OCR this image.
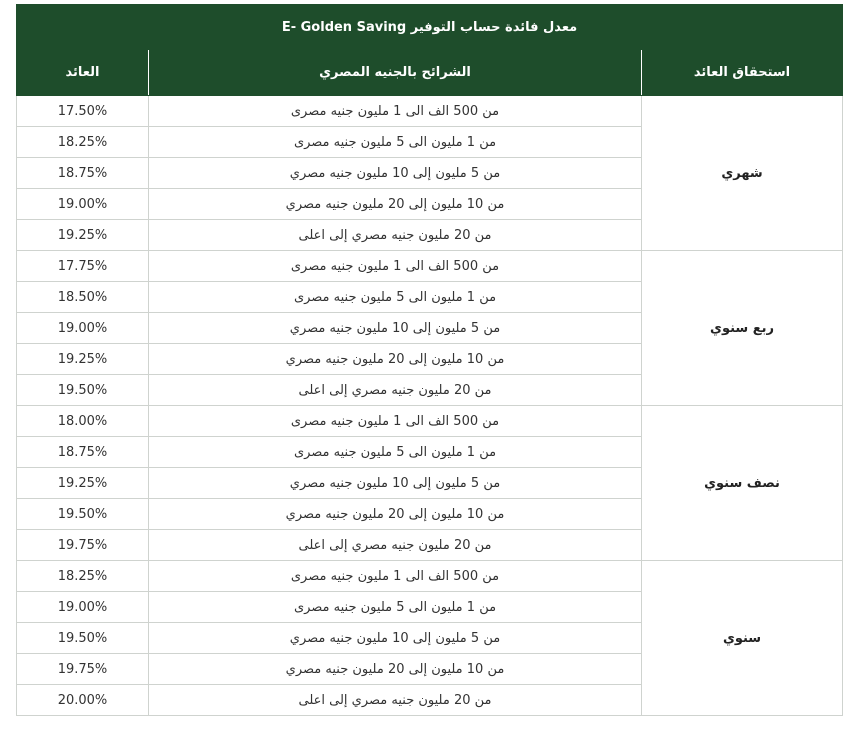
معدل فائدة حساب التوفير E- Golden Saving		
العائد	الشرائح بالجنيه المصري	استحقاق العائد
17.50%	من 500 الف الى 1 مليون جنيه مصرى	شهري
18.25%	من 1 مليون الى 5 مليون جنيه مصرى	
18.75%	من 5 مليون إلى 10 مليون جنيه مصري	
19.00%	من 10 مليون إلى 20 مليون جنيه مصري	
19.25%	من 20 مليون جنيه مصري إلى اعلى	
17.75%	من 500 الف الى 1 مليون جنيه مصرى	ربع سنوي
18.50%	من 1 مليون الى 5 مليون جنيه مصرى	
19.00%	من 5 مليون إلى 10 مليون جنيه مصري	
19.25%	من 10 مليون إلى 20 مليون جنيه مصري	
19.50%	من 20 مليون جنيه مصري إلى اعلى	
18.00%	من 500 الف الى 1 مليون جنيه مصرى	نصف سنوي
18.75%	من 1 مليون الى 5 مليون جنيه مصرى	
19.25%	من 5 مليون إلى 10 مليون جنيه مصري	
19.50%	من 10 مليون إلى 20 مليون جنيه مصري	
19.75%	من 20 مليون جنيه مصري إلى اعلى	
18.25%	من 500 الف الى 1 مليون جنيه مصرى	سنوي
19.00%	من 1 مليون الى 5 مليون جنيه مصرى	
19.50%	من 5 مليون إلى 10 مليون جنيه مصري	
19.75%	من 10 مليون إلى 20 مليون جنيه مصري	
20.00%	من 20 مليون جنيه مصري إلى اعلى	
